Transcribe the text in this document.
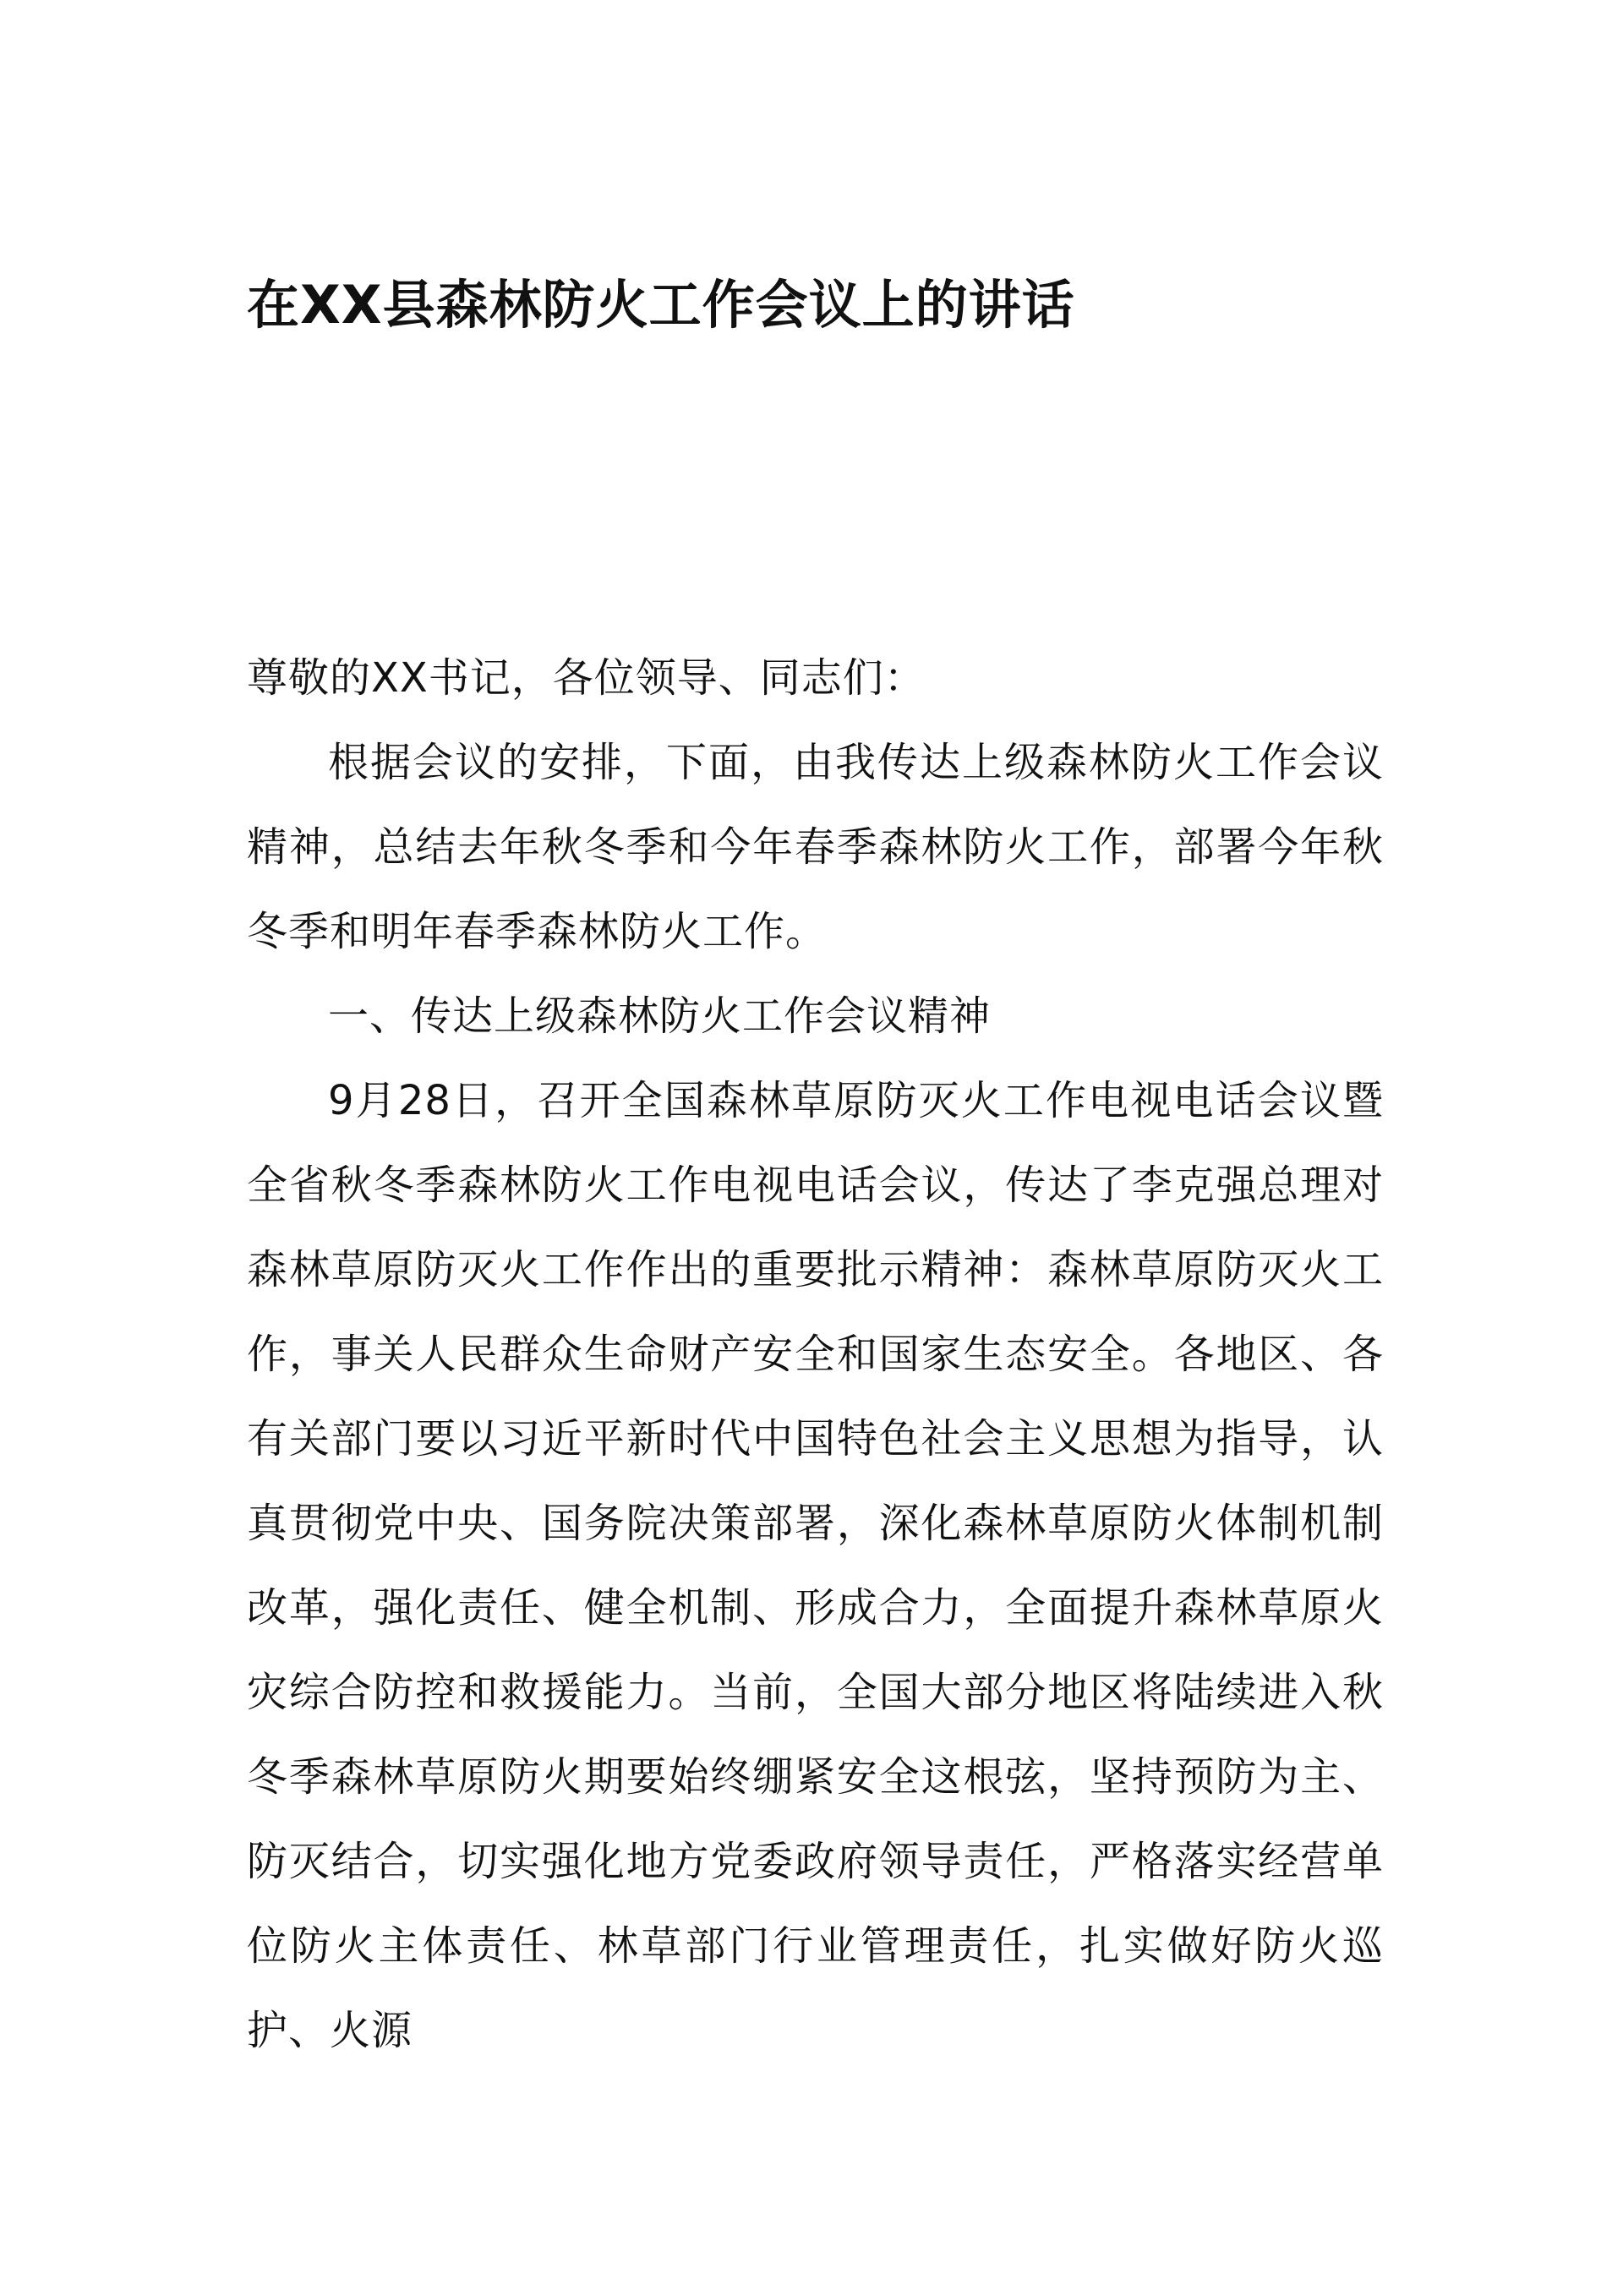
在XX县森林防火工作会议上的讲话

尊敬的XX书记，各位领导、同志们：

根据会议的安排，下面，由我传达上级森林防火工作会议精神，总结去年秋冬季和今年春季森林防火工作，部署今年秋冬季和明年春季森林防火工作。

一、传达上级森林防火工作会议精神

9月28日，召开全国森林草原防灭火工作电视电话会议暨全省秋冬季森林防火工作电视电话会议，传达了李克强总理对森林草原防灭火工作作出的重要批示精神：森林草原防灭火工作，事关人民群众生命财产安全和国家生态安全。各地区、各有关部门要以习近平新时代中国特色社会主义思想为指导，认真贯彻党中央、国务院决策部署，深化森林草原防火体制机制改革，强化责任、健全机制、形成合力，全面提升森林草原火灾综合防控和救援能力。当前，全国大部分地区将陆续进入秋冬季森林草原防火期要始终绷紧安全这根弦，坚持预防为主、防灭结合，切实强化地方党委政府领导责任，严格落实经营单位防火主体责任、林草部门行业管理责任，扎实做好防火巡护、火源
